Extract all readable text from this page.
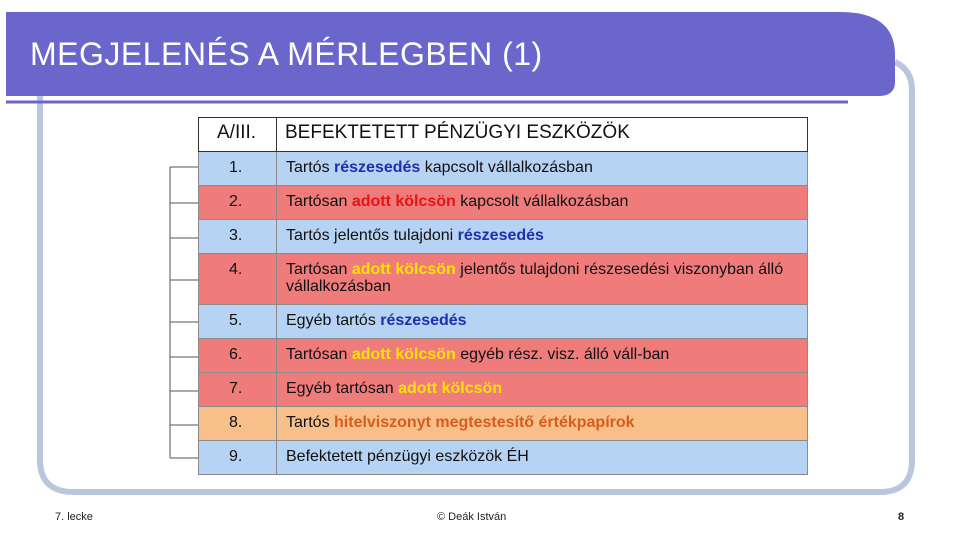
MEGJELENÉS A MÉRLEGBEN (1)
A/III.	BEFEKTETETT PÉNZÜGYI ESZKÖZÖK

1.	Tartós részesedés kapcsolt vállalkozásban

2.	Tartósan adott kölcsön kapcsolt vállalkozásban

3.	Tartós jelentős tulajdoni részesedés

4.	Tartósan adott kölcsön jelentős tulajdoni részesedési viszonyban álló vállalkozásban

5.	Egyéb tartós részesedés

6.	Tartósan adott kölcsön egyéb rész. visz. álló váll-ban

7.	Egyéb tartósan adott kölcsön

8.	Tartós hitelviszonyt megtestesítő értékpapírok

9.	Befektetett pénzügyi eszközök ÉH
7. lecke	© Deák István	8
